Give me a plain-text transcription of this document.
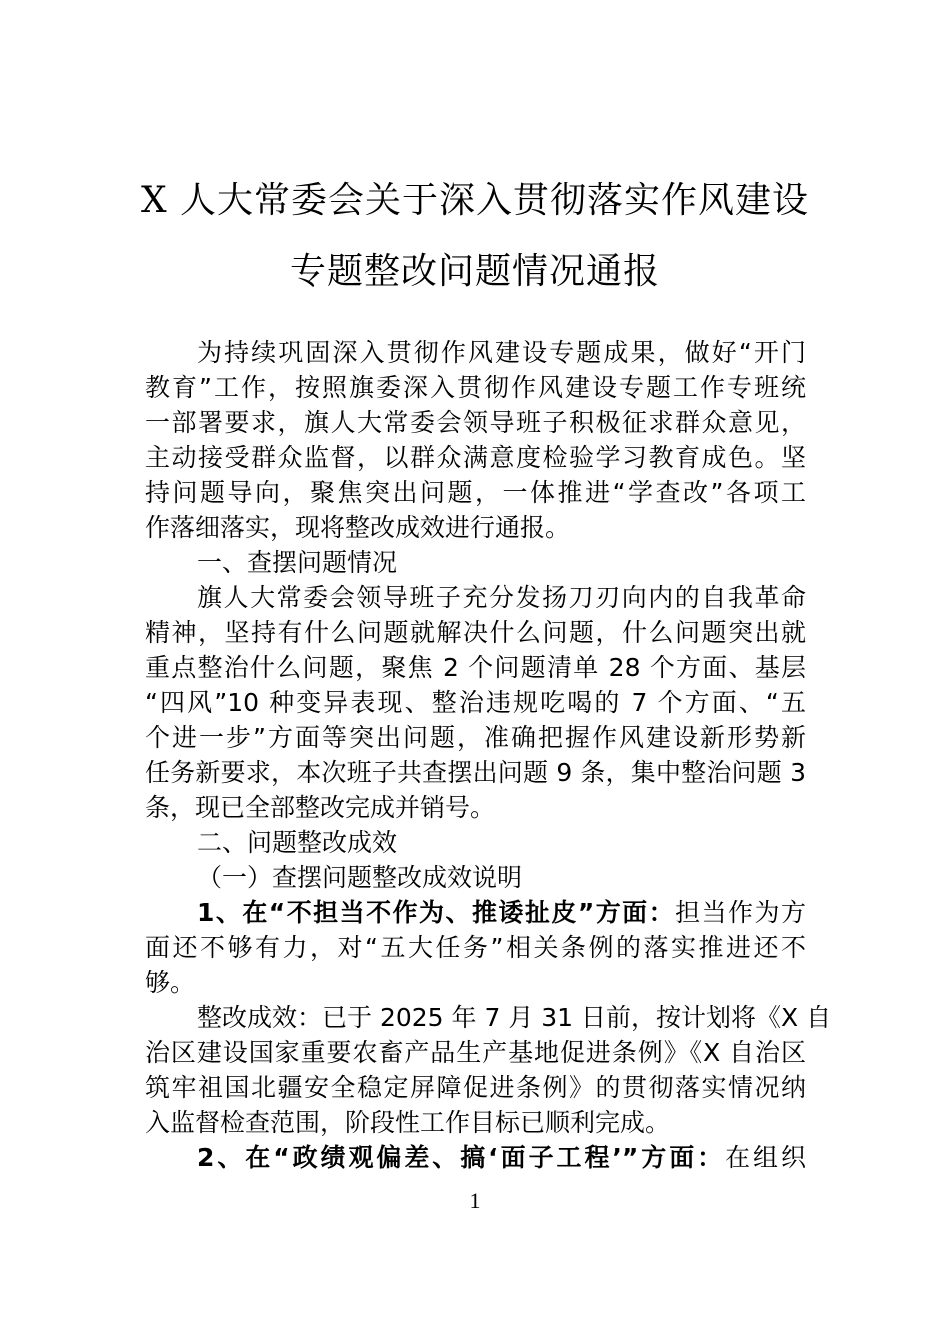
X 人大常委会关于深入贯彻落实作风建设
专题整改问题情况通报
为持续巩固深入贯彻作风建设专题成果，做好“开门
教育”工作，按照旗委深入贯彻作风建设专题工作专班统
一部署要求，旗人大常委会领导班子积极征求群众意见，
主动接受群众监督，以群众满意度检验学习教育成色。坚
持问题导向，聚焦突出问题，一体推进“学查改”各项工
作落细落实，现将整改成效进行通报。
一、查摆问题情况
旗人大常委会领导班子充分发扬刀刃向内的自我革命
精神，坚持有什么问题就解决什么问题，什么问题突出就
重点整治什么问题，聚焦 2 个问题清单 28 个方面、基层
“四风”10 种变异表现、整治违规吃喝的 7 个方面、“五
个进一步”方面等突出问题，准确把握作风建设新形势新
任务新要求，本次班子共查摆出问题 9 条，集中整治问题 3
条，现已全部整改完成并销号。
二、问题整改成效
（一）查摆问题整改成效说明
1、在“不担当不作为、推诿扯皮”方面：担当作为方
面还不够有力，对“五大任务”相关条例的落实推进还不
够。
整改成效：已于 2025 年 7 月 31 日前，按计划将《X 自
治区建设国家重要农畜产品生产基地促进条例》《X 自治区
筑牢祖国北疆安全稳定屏障促进条例》的贯彻落实情况纳
入监督检查范围，阶段性工作目标已顺利完成。
2、在“政绩观偏差、搞‘面子工程’”方面：在组织
1
